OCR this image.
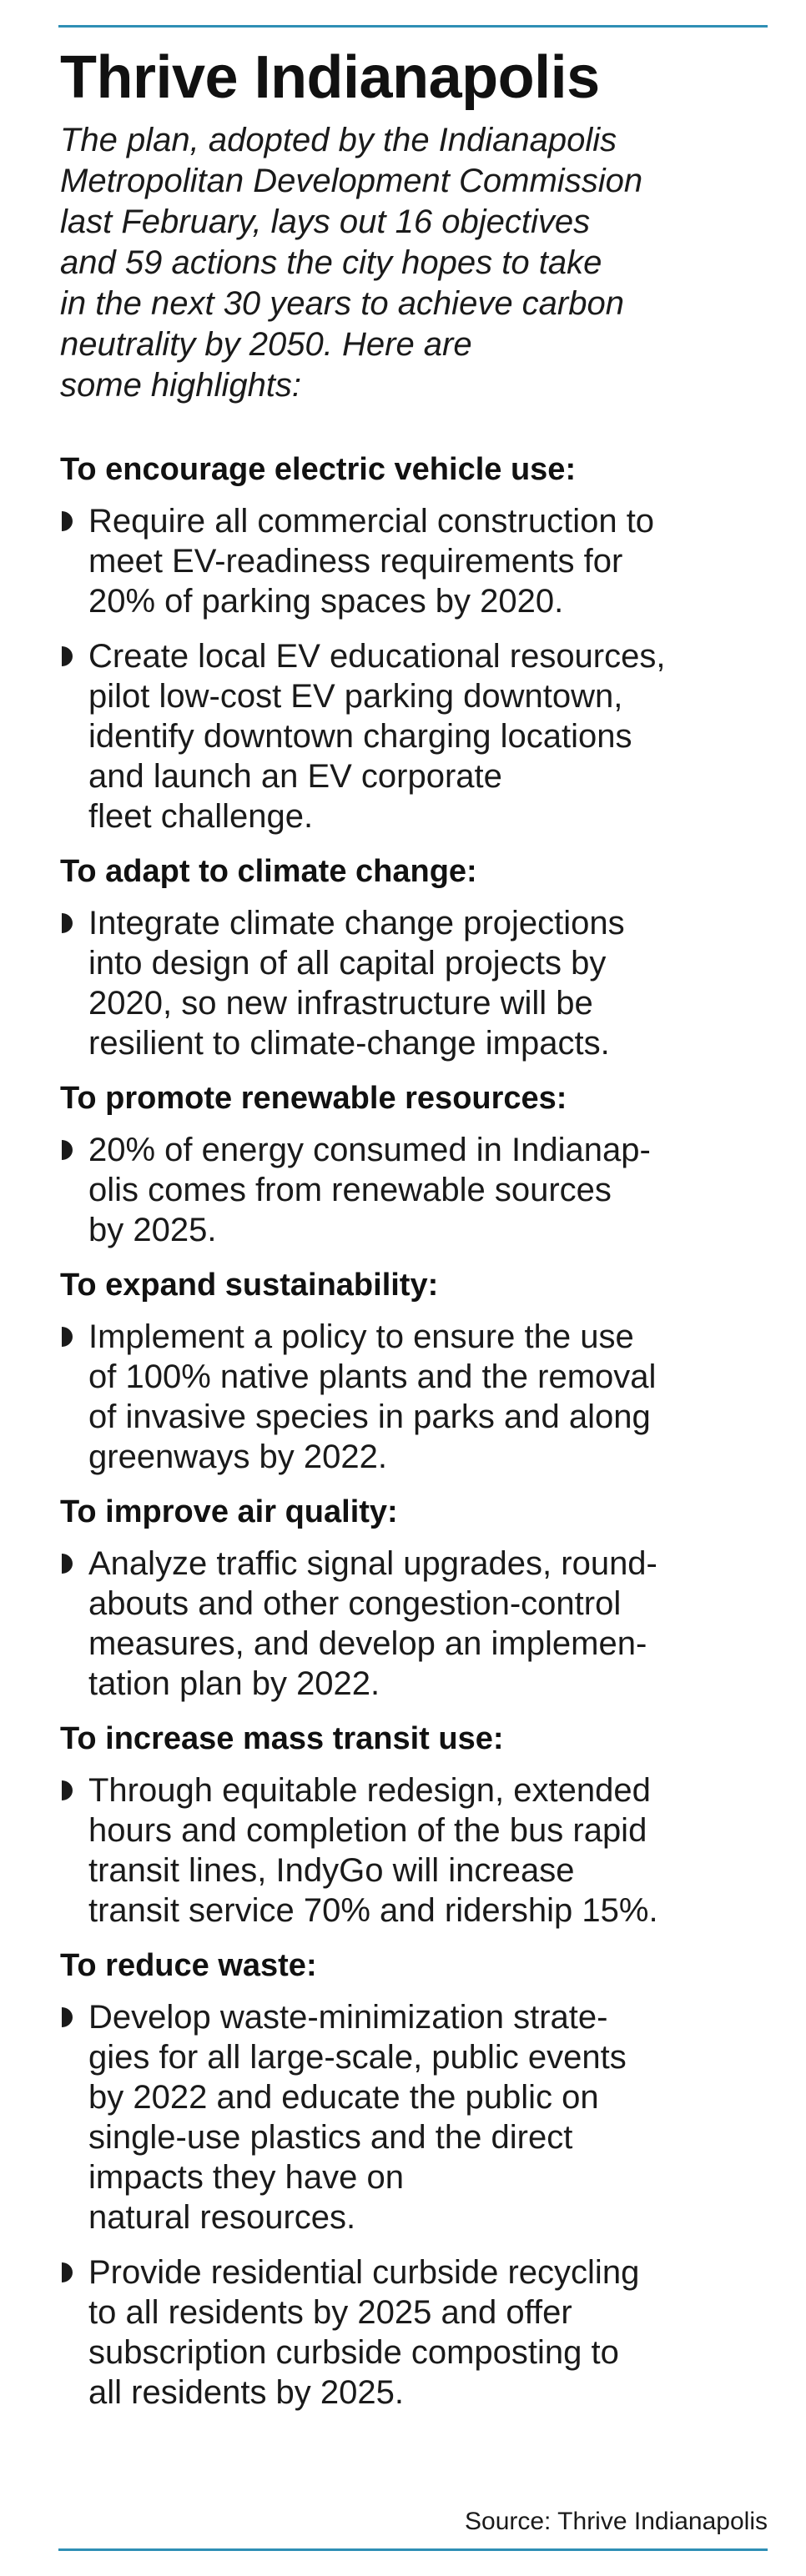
Thrive Indianapolis

The plan, adopted by the Indianapolis
Metropolitan Development Commission
last February, lays out 16 objectives
and 59 actions the city hopes to take
in the next 30 years to achieve carbon
neutrality by 2050. Here are
some highlights:

To encourage electric vehicle use:
Require all commercial construction to
meet EV-readiness requirements for
20% of parking spaces by 2020.
Create local EV educational resources,
pilot low-cost EV parking downtown,
identify downtown charging locations
and launch an EV corporate
fleet challenge.
To adapt to climate change:
Integrate climate change projections
into design of all capital projects by
2020, so new infrastructure will be
resilient to climate-change impacts.
To promote renewable resources:
20% of energy consumed in Indianap-
olis comes from renewable sources
by 2025.
To expand sustainability:
Implement a policy to ensure the use
of 100% native plants and the removal
of invasive species in parks and along
greenways by 2022.
To improve air quality:
Analyze traffic signal upgrades, round-
abouts and other congestion-control
measures, and develop an implemen-
tation plan by 2022.
To increase mass transit use:
Through equitable redesign, extended
hours and completion of the bus rapid
transit lines, IndyGo will increase
transit service 70% and ridership 15%.
To reduce waste:
Develop waste-minimization strate-
gies for all large-scale, public events
by 2022 and educate the public on
single-use plastics and the direct
impacts they have on
natural resources.
Provide residential curbside recycling
to all residents by 2025 and offer
subscription curbside composting to
all residents by 2025.
Source: Thrive Indianapolis
